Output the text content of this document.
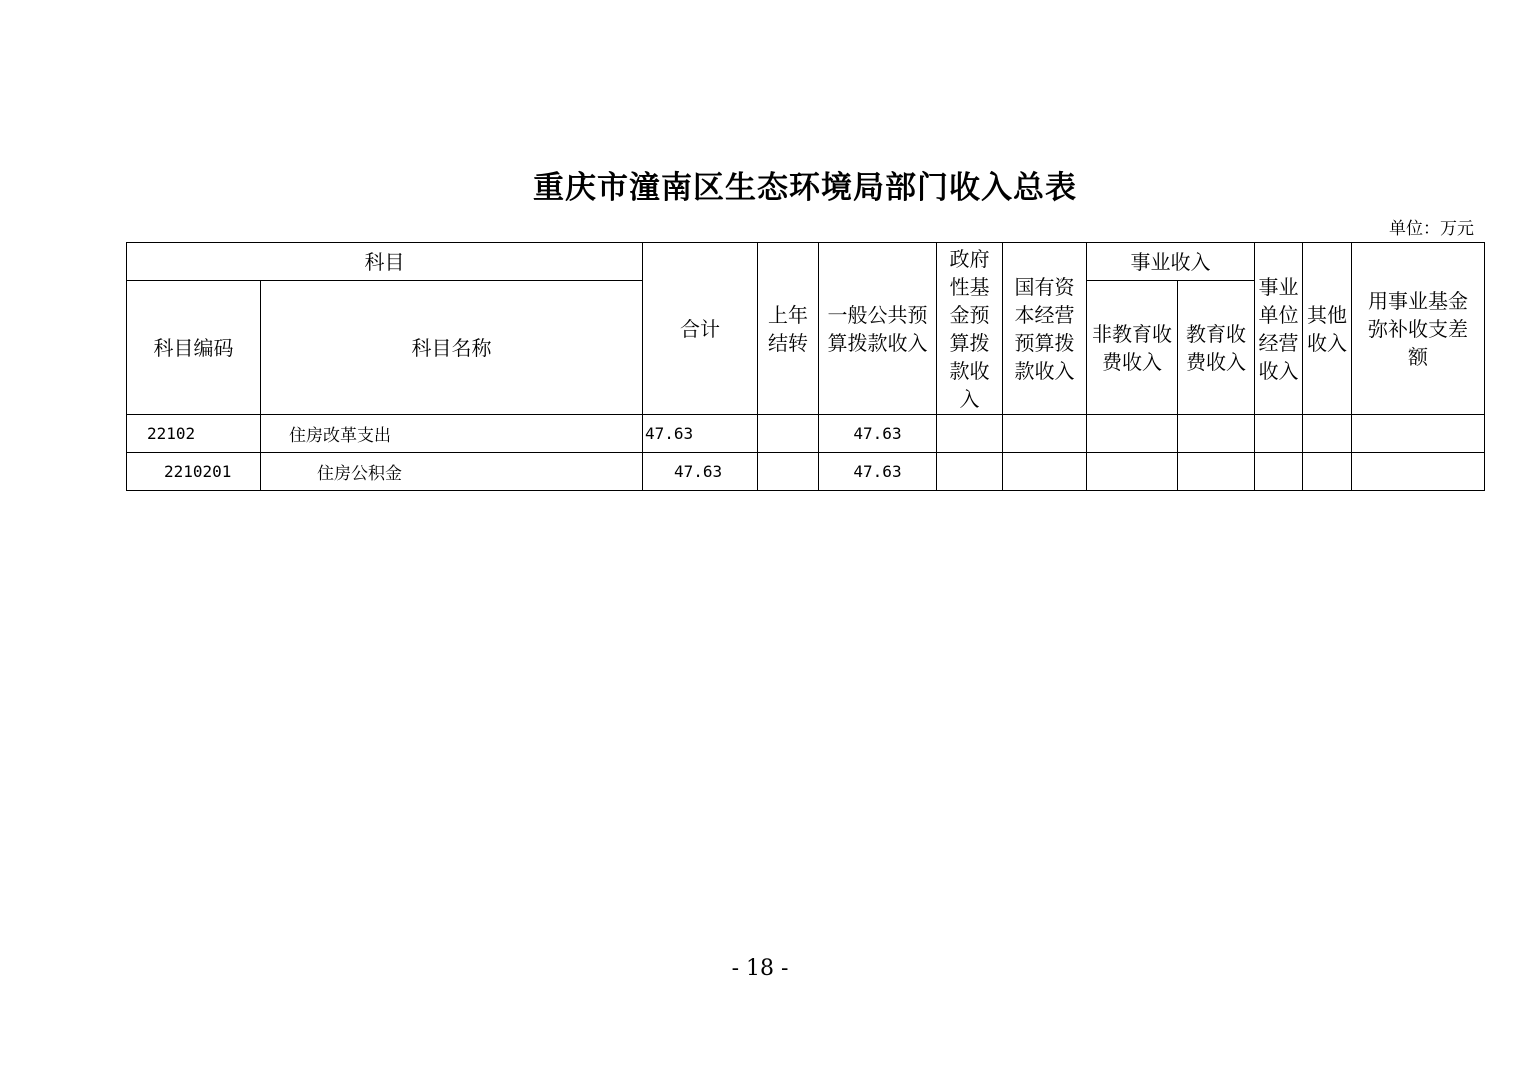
重庆市潼南区生态环境局部门收入总表
单位：万元
科目		合计	上年结转	一般公共预算拨款收入	政府性基金预算拨款收入	国有资本经营预算拨款收入	事业收入		事业单位经营收入	其他收入	用事业基金弥补收支差额

科目编码	科目名称						非教育收费收入	教育收费收入			

22102	住房改革支出	47.63		47.63							
2210201	住房公积金	47.63		47.63							
- 18 -
